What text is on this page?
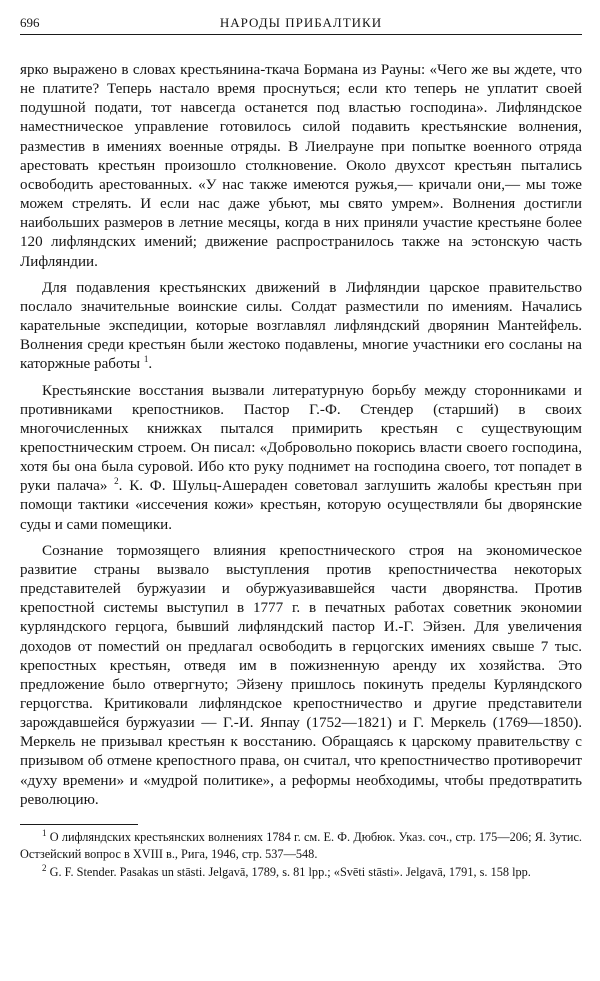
696	НАРОДЫ ПРИБАЛТИКИ

ярко выражено в словах крестьянина-ткача Бормана из Рауны: «Чего же вы ждете, что не платите? Теперь настало время проснуться; если кто теперь не уплатит своей подушной подати, тот навсегда останется под властью господина». Лифляндское наместническое управление готовилось силой подавить крестьянские волнения, разместив в имениях военные отряды. В Лиелрауне при попытке военного отряда арестовать крестьян произошло столкновение. Около двухсот крестьян пытались освободить арестованных. «У нас также имеются ружья,— кричали они,— мы тоже можем стрелять. И если нас даже убьют, мы свято умрем». Волнения достигли наибольших размеров в летние месяцы, когда в них приняли участие крестьяне более 120 лифляндских имений; движение распространилось также на эстонскую часть Лифляндии.

Для подавления крестьянских движений в Лифляндии царское правительство послало значительные воинские силы. Солдат разместили по имениям. Начались карательные экспедиции, которые возглавлял лифляндский дворянин Мантейфель. Волнения среди крестьян были жестоко подавлены, многие участники его сосланы на каторжные работы $^1$.

Крестьянские восстания вызвали литературную борьбу между сторонниками и противниками крепостников. Пастор Г.-Ф. Стендер (старший) в своих многочисленных книжках пытался примирить крестьян с существующим крепостническим строем. Он писал: «Добровольно покорись власти своего господина, хотя бы она была суровой. Ибо кто руку поднимет на господина своего, тот попадет в руки палача» $^2$. К. Ф. Шульц-Ашераден советовал заглушить жалобы крестьян при помощи тактики «иссечения кожи» крестьян, которую осуществляли бы дворянские суды и сами помещики.

Сознание тормозящего влияния крепостнического строя на экономическое развитие страны вызвало выступления против крепостничества некоторых представителей буржуазии и обуржуазивавшейся части дворянства. Против крепостной системы выступил в 1777 г. в печатных работах советник экономии курляндского герцога, бывший лифляндский пастор И.-Г. Эйзен. Для увеличения доходов от поместий он предлагал освободить в герцогских имениях свыше 7 тыс. крепостных крестьян, отведя им в пожизненную аренду их хозяйства. Это предложение было отвергнуто; Эйзену пришлось покинуть пределы Курляндского герцогства. Критиковали лифляндское крепостничество и другие представители зарождавшейся буржуазии — Г.-И. Янпау (1752—1821) и Г. Меркель (1769—1850). Меркель не призывал крестьян к восстанию. Обращаясь к царскому правительству с призывом об отмене крепостного права, он считал, что крепостничество противоречит «духу времени» и «мудрой политике», а реформы необходимы, чтобы предотвратить революцию.

$^1$ О лифляндских крестьянских волнениях 1784 г. см. Е. Ф. Дюбюк. Указ. соч., стр. 175—206; Я. Зутис. Остзейский вопрос в XVIII в., Рига, 1946, стр. 537—548.

$^2$ G. F. Stender. Pasakas un stāsti. Jelgavā, 1789, s. 81 lpp.; «Svēti stāsti». Jelgavā, 1791, s. 158 lpp.
